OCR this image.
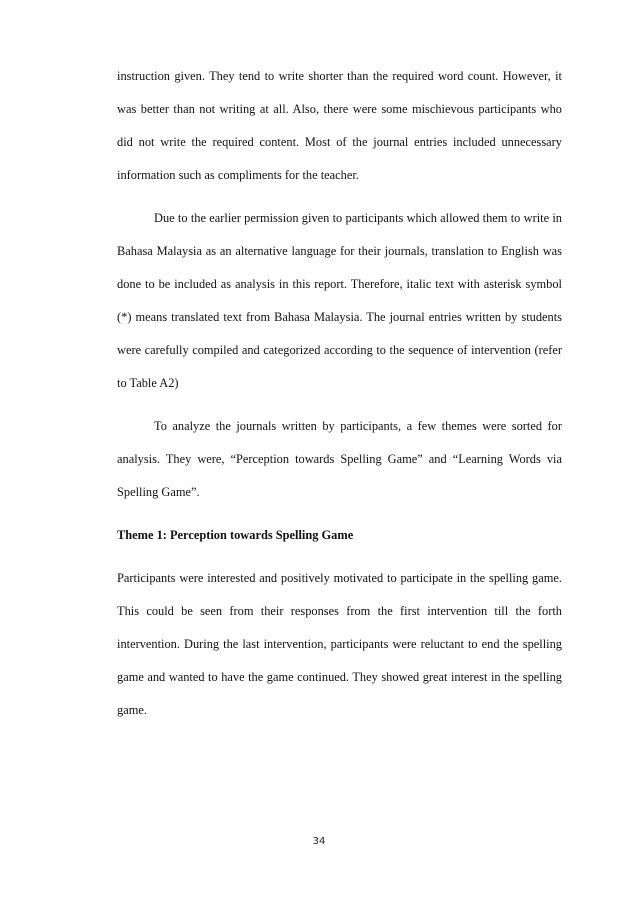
instruction given. They tend to write shorter than the required word count. However, it was better than not writing at all. Also, there were some mischievous participants who did not write the required content. Most of the journal entries included unnecessary information such as compliments for the teacher.

Due to the earlier permission given to participants which allowed them to write in Bahasa Malaysia as an alternative language for their journals, translation to English was done to be included as analysis in this report. Therefore, italic text with asterisk symbol (*) means translated text from Bahasa Malaysia. The journal entries written by students were carefully compiled and categorized according to the sequence of intervention (refer to Table A2)

To analyze the journals written by participants, a few themes were sorted for analysis. They were, “Perception towards Spelling Game” and “Learning Words via Spelling Game”.

Theme 1: Perception towards Spelling Game

Participants were interested and positively motivated to participate in the spelling game. This could be seen from their responses from the first intervention till the forth intervention. During the last intervention, participants were reluctant to end the spelling game and wanted to have the game continued. They showed great interest in the spelling game.

34
